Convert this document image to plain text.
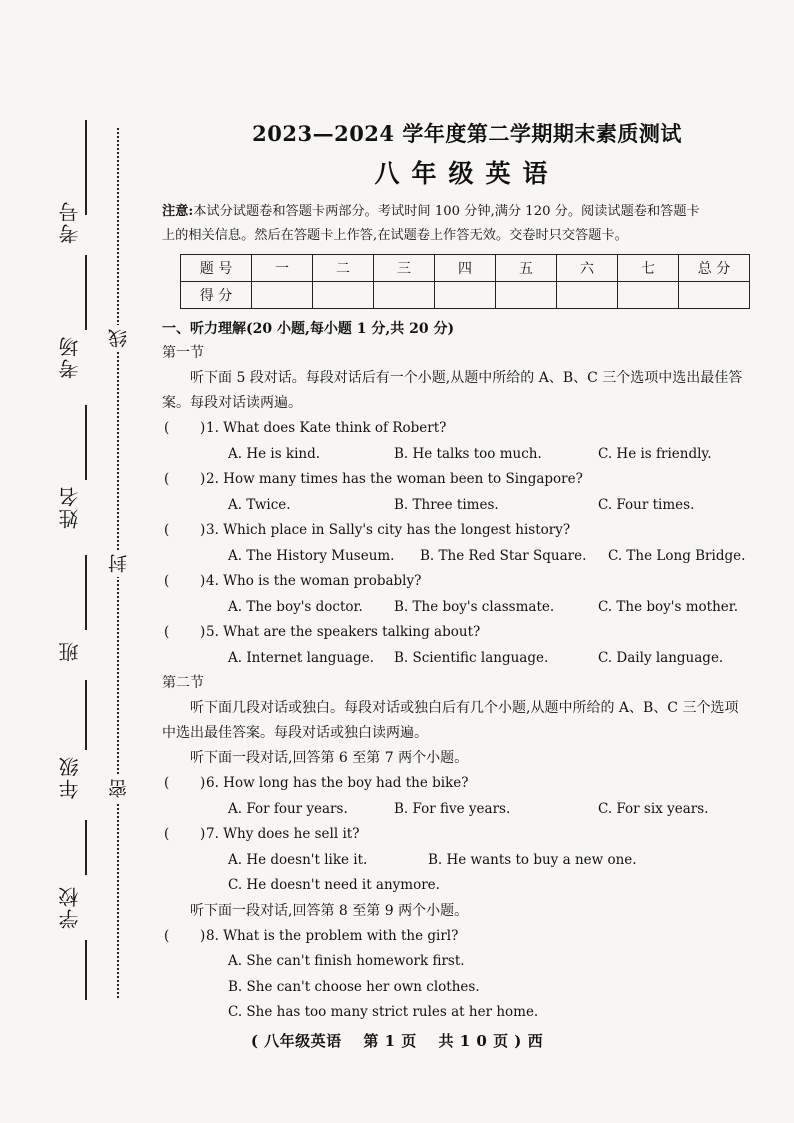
考号
考场
姓名
班
年级
学校
线
封
密
2023—2024 学年度第二学期期末素质测试
八年级英语
注意:本试分试题卷和答题卡两部分。考试时间 100 分钟,满分 120 分。阅读试题卷和答题卡
上的相关信息。然后在答题卡上作答,在试题卷上作答无效。交卷时只交答题卡。
题 号	一	二	三	四	五	六	七	总 分
得 分								
一、听力理解(20 小题,每小题 1 分,共 20 分)
第一节
听下面 5 段对话。每段对话后有一个小题,从题中所给的 A、B、C 三个选项中选出最佳答
案。每段对话读两遍。
( ) 1. What does Kate think of Robert?
A. He is kind.	B. He talks too much.	C. He is friendly.
( ) 2. How many times has the woman been to Singapore?
A. Twice.	B. Three times.	C. Four times.
( ) 3. Which place in Sally's city has the longest history?
A. The History Museum. B. The Red Star Square. C. The Long Bridge.
( ) 4. Who is the woman probably?
A. The boy's doctor. B. The boy's classmate.	C. The boy's mother.
( ) 5. What are the speakers talking about?
A. Internet language. B. Scientific language.	C. Daily language.
第二节
听下面几段对话或独白。每段对话或独白后有几个小题,从题中所给的 A、B、C 三个选项
中选出最佳答案。每段对话或独白读两遍。
听下面一段对话,回答第 6 至第 7 两个小题。
( ) 6. How long has the boy had the bike?
A. For four years.	B. For five years.	C. For six years.
( ) 7. Why does he sell it?
A. He doesn't like it.	B. He wants to buy a new one.
C. He doesn't need it anymore.
听下面一段对话,回答第 8 至第 9 两个小题。
( ) 8. What is the problem with the girl?
A. She can't finish homework first.
B. She can't choose her own clothes.
C. She has too many strict rules at her home.
( 八年级英语 第 1 页 共 1 0 页 ) 西
